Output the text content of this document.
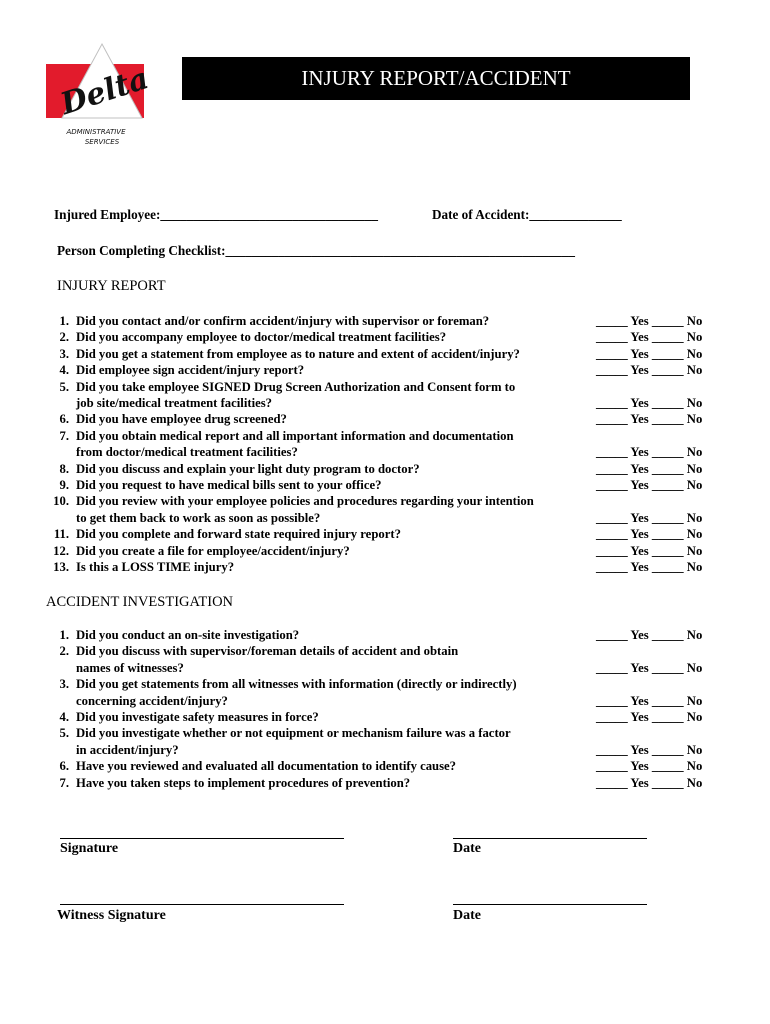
Delta
ADMINISTRATIVE
SERVICES
INJURY REPORT/ACCIDENT
Injured Employee:_________________________________	Date of Accident:______________
Person Completing Checklist:_____________________________________________________
INJURY REPORT
1. Did you contact and/or confirm accident/injury with supervisor or foreman?	_____ Yes _____ No
2. Did you accompany employee to doctor/medical treatment facilities?	_____ Yes _____ No
3. Did you get a statement from employee as to nature and extent of accident/injury?	_____ Yes _____ No
4. Did employee sign accident/injury report?	_____ Yes _____ No
5. Did you take employee SIGNED Drug Screen Authorization and Consent form to
job site/medical treatment facilities?	_____ Yes _____ No
6. Did you have employee drug screened?	_____ Yes _____ No
7. Did you obtain medical report and all important information and documentation
from doctor/medical treatment facilities?	_____ Yes _____ No
8. Did you discuss and explain your light duty program to doctor?	_____ Yes _____ No
9. Did you request to have medical bills sent to your office?	_____ Yes _____ No
10. Did you review with your employee policies and procedures regarding your intention
to get them back to work as soon as possible?	_____ Yes _____ No
11. Did you complete and forward state required injury report?	_____ Yes _____ No
12. Did you create a file for employee/accident/injury?	_____ Yes _____ No
13. Is this a LOSS TIME injury?	_____ Yes _____ No
ACCIDENT INVESTIGATION
1. Did you conduct an on-site investigation?	_____ Yes _____ No
2. Did you discuss with supervisor/foreman details of accident and obtain
names of witnesses?	_____ Yes _____ No
3. Did you get statements from all witnesses with information (directly or indirectly)
concerning accident/injury?	_____ Yes _____ No
4. Did you investigate safety measures in force?	_____ Yes _____ No
5. Did you investigate whether or not equipment or mechanism failure was a factor
in accident/injury?	_____ Yes _____ No
6. Have you reviewed and evaluated all documentation to identify cause?	_____ Yes _____ No
7. Have you taken steps to implement procedures of prevention?	_____ Yes _____ No
Signature	Date
Witness Signature	Date
